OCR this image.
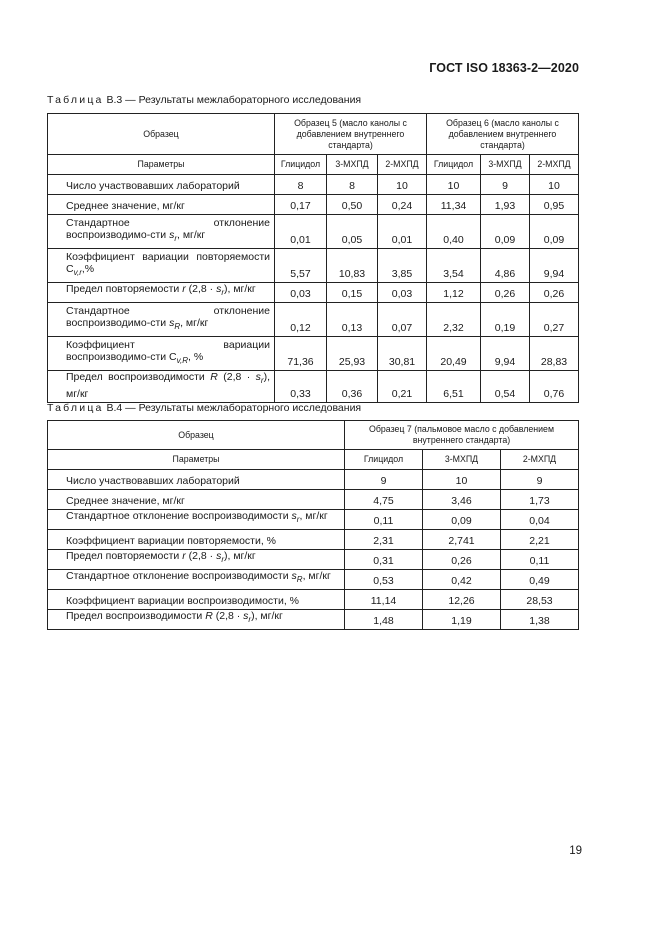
ГОСТ ISO 18363-2—2020
Таблица В.3 — Результаты межлабораторного исследования
Образец	Образец 5 (масло канолы с добавлением внутреннего стандарта)			Образец 6 (масло канолы с добавлением внутреннего стандарта)		
Параметры	Глицидол	3-МХПД	2-МХПД	Глицидол	3-МХПД	2-МХПД
Число участвовавших лабораторий	8	8	10	10	9	10
Среднее значение, мг/кг	0,17	0,50	0,24	11,34	1,93	0,95
Стандартное отклонение воспроизводимо-сти $s_r$, мг/кг	0,01	0,05	0,01	0,40	0,09	0,09
Коэффициент вариации повторяемости $C_{v,r},\%$	5,57	10,83	3,85	3,54	4,86	9,94
Предел повторяемости r $(2,8 \cdot s_r)$, мг/кг	0,03	0,15	0,03	1,12	0,26	0,26
Стандартное отклонение воспроизводимо-сти $s_R$, мг/кг	0,12	0,13	0,07	2,32	0,19	0,27
Коэффициент вариации воспроизводимо-сти $C_{v,R}$, %	71,36	25,93	30,81	20,49	9,94	28,83
Предел воспроизводимости R $(2,8 \cdot s_r)$, мг/кг	0,33	0,36	0,21	6,51	0,54	0,76
Таблица В.4 — Результаты межлабораторного исследования
Образец	Образец 7 (пальмовое масло с добавлением внутреннего стандарта)		
Параметры	Глицидол	3-МХПД	2-МХПД
Число участвовавших лабораторий	9	10	9
Среднее значение, мг/кг	4,75	3,46	1,73
Стандартное отклонение воспроизводимости $s_r$, мг/кг	0,11	0,09	0,04
Коэффициент вариации повторяемости, %	2,31	2,741	2,21
Предел повторяемости r $(2,8 \cdot s_r)$, мг/кг	0,31	0,26	0,11
Стандартное отклонение воспроизводимости $s_R$, мг/кг	0,53	0,42	0,49
Коэффициент вариации воспроизводимости, %	11,14	12,26	28,53
Предел воспроизводимости R $(2,8 \cdot s_r)$, мг/кг	1,48	1,19	1,38
19
